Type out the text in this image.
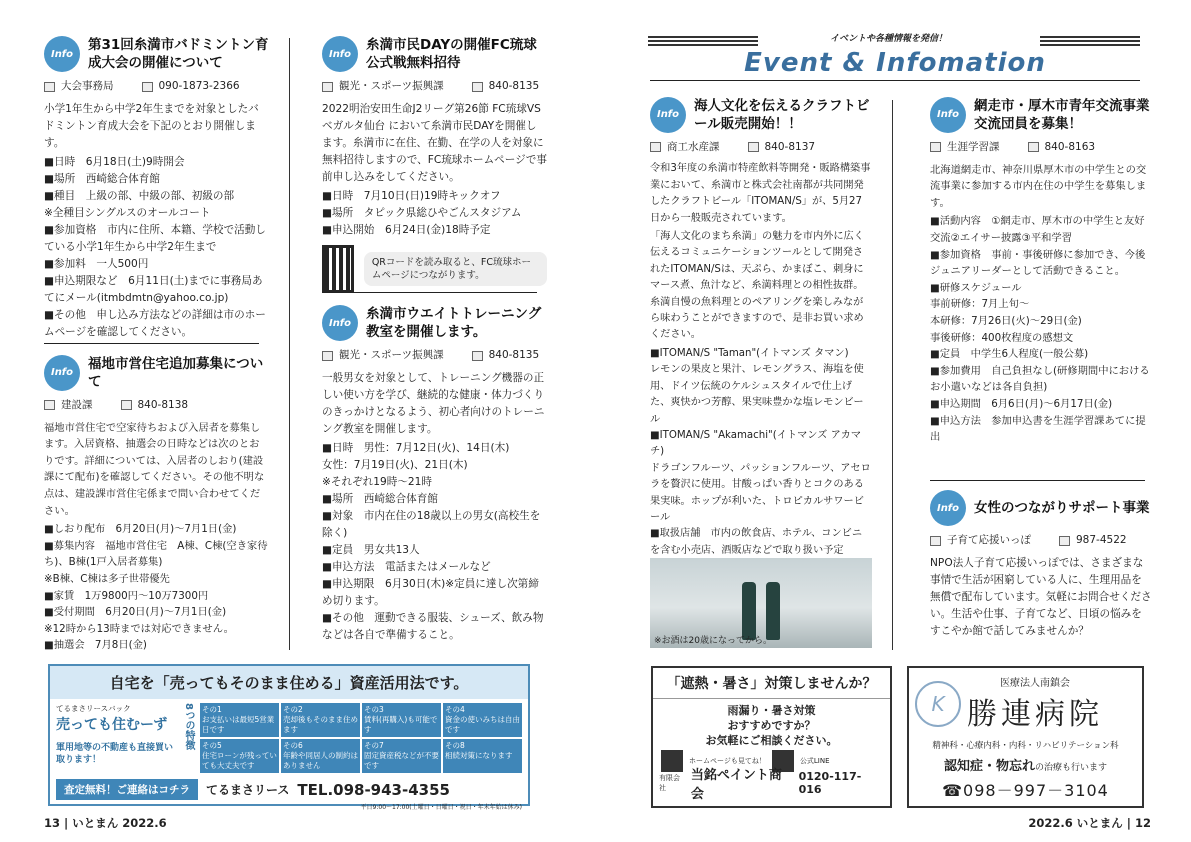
イベントや各種情報を発信！
Event & Infomation
Info
第31回糸満市バドミントン育成大会の開催について
大会事務局	090-1873-2366
小学1年生から中学2年生までを対象としたバドミントン育成大会を下記のとおり開催します。
■日時　6月18日(土)9時開会
■場所　西崎総合体育館
■種目　上級の部、中級の部、初級の部
※全種目シングルスのオールコート
■参加資格　市内に住所、本籍、学校で活動している小学1年生から中学2年生まで
■参加料　一人500円
■申込期限など　6月11日(土)までに事務局あてにメール(itmbdmtn@yahoo.co.jp)
■その他　申し込み方法などの詳細は市のホームページを確認してください。
Info
福地市営住宅追加募集について
建設課	840-8138
福地市営住宅で空家待ちおよび入居者を募集します。入居資格、抽選会の日時などは次のとおりです。詳細については、入居者のしおり(建設課にて配布)を確認してください。その他不明な点は、建設課市営住宅係まで問い合わせてください。
■しおり配布　6月20日(月)～7月1日(金)
■募集内容　福地市営住宅　A棟、C棟(空き家待ち)、B棟(1戸入居者募集)
※B棟、C棟は多子世帯優先
■家賃　1万9800円～10万7300円
■受付期間　6月20日(月)～7月1日(金)
※12時から13時までは対応できません。
■抽選会　7月8日(金)
Info
糸満市民DAYの開催FC琉球公式戦無料招待
観光・スポーツ振興課	840-8135
2022明治安田生命J2リーグ第26節 FC琉球VSベガルタ仙台 において糸満市民DAYを開催します。糸満市に在住、在勤、在学の人を対象に無料招待しますので、FC琉球ホームページで事前申し込みをしてください。
■日時　7月10日(日)19時キックオフ
■場所　タピック県総ひやごんスタジアム
■申込開始　6月24日(金)18時予定
QRコードを読み取ると、FC琉球ホームページにつながります。
Info
糸満市ウエイトトレーニング教室を開催します。
観光・スポーツ振興課	840-8135
一般男女を対象として、トレーニング機器の正しい使い方を学び、継続的な健康・体力づくりのきっかけとなるよう、初心者向けのトレーニング教室を開催します。
■日時　男性：7月12日(火)、14日(木)
女性：7月19日(火)、21日(木)
※それぞれ19時～21時
■場所　西崎総合体育館
■対象　市内在住の18歳以上の男女(高校生を除く)
■定員　男女共13人
■申込方法　電話またはメールなど
■申込期限　6月30日(木)※定員に達し次第締め切ります。
■その他　運動できる服装、シューズ、飲み物などは各自で準備すること。
Info
海人文化を伝えるクラフトビール販売開始！！
商工水産課	840-8137
令和3年度の糸満市特産飲料等開発・販路構築事業において、糸満市と株式会社南都が共同開発したクラフトビール「ITOMAN/S」が、5月27日から一般販売されています。
「海人文化のまち糸満」の魅力を市内外に広く伝えるコミュニケーションツールとして開発されたITOMAN/Sは、天ぷら、かまぼこ、刺身にマース煮、魚汁など、糸満料理との相性抜群。糸満自慢の魚料理とのペアリングを楽しみながら味わうことができますので、是非お買い求めください。
■ITOMAN/S "Taman"(イトマンズ タマン)
レモンの果皮と果汁、レモングラス、海塩を使用、ドイツ伝統のケルシュスタイルで仕上げた、爽快かつ芳醇、果実味豊かな塩レモンビール
■ITOMAN/S "Akamachi"(イトマンズ アカマチ)
ドラゴンフルーツ、パッションフルーツ、アセロラを贅沢に使用。甘酸っぱい香りとコクのある果実味。ホップが利いた、トロピカルサワービール
■取扱店舗　市内の飲食店、ホテル、コンビニを含む小売店、酒販店などで取り扱い予定
※お酒は20歳になってから。
Info
網走市・厚木市青年交流事業交流団員を募集！
生涯学習課	840-8163
北海道網走市、神奈川県厚木市の中学生との交流事業に参加する市内在住の中学生を募集します。
■活動内容　①網走市、厚木市の中学生と友好交流②エイサー披露③平和学習
■参加資格　事前・事後研修に参加でき、今後ジュニアリーダーとして活動できること。
■研修スケジュール
事前研修：7月上旬～
本研修：7月26日(火)～29日(金)
事後研修：400枚程度の感想文
■定員　中学生6人程度(一般公募)
■参加費用　自己負担なし(研修期間中におけるお小遣いなどは各自負担)
■申込期間　6月6日(月)～6月17日(金)
■申込方法　参加申込書を生涯学習課あてに提出
Info	女性のつながりサポート事業
子育て応援いっぽ	987-4522
NPO法人子育て応援いっぽでは、さまざまな事情で生活が困窮している人に、生理用品を無償で配布しています。気軽にお問合せください。生活や仕事、子育てなど、日頃の悩みをすこやか館で話してみませんか？
自宅を「売ってもそのまま住める」資産活用法です。
てるまさリースバック
売っても住むーず
軍用地等の不動産も直接買い取ります！
8つの特徴 その1
お支払いは最短5営業日です
その2
売却後もそのまま住めます
その3
賃料(再購入)も可能です
その4
資金の使いみちは自由です
その5
住宅ローンが残っていても大丈夫です
その6
年齢や同居人の制約はありません
その7
固定資産税などが不要です
その8
相続対策になります
査定無料！ご連絡はコチラ	てるまさリース TEL.098-943-4355
平日9:00～17:00(土曜日・日曜日・祝日・年末年始は休み)
「遮熱・暑さ」対策しませんか？
雨漏り・暑さ対策
おすすめですか？
お気軽にご相談ください。
ホームページも見てね！	公式LINE
有限会社
当銘ペイント商会
0120-117-016
K
医療法人南鎮会
勝連病院
精神科・心療内科・内科・リハビリテーション科
認知症・物忘れの治療も行います
☎098－997－3104
13 | いとまん 2022.6	2022.6 いとまん | 12
